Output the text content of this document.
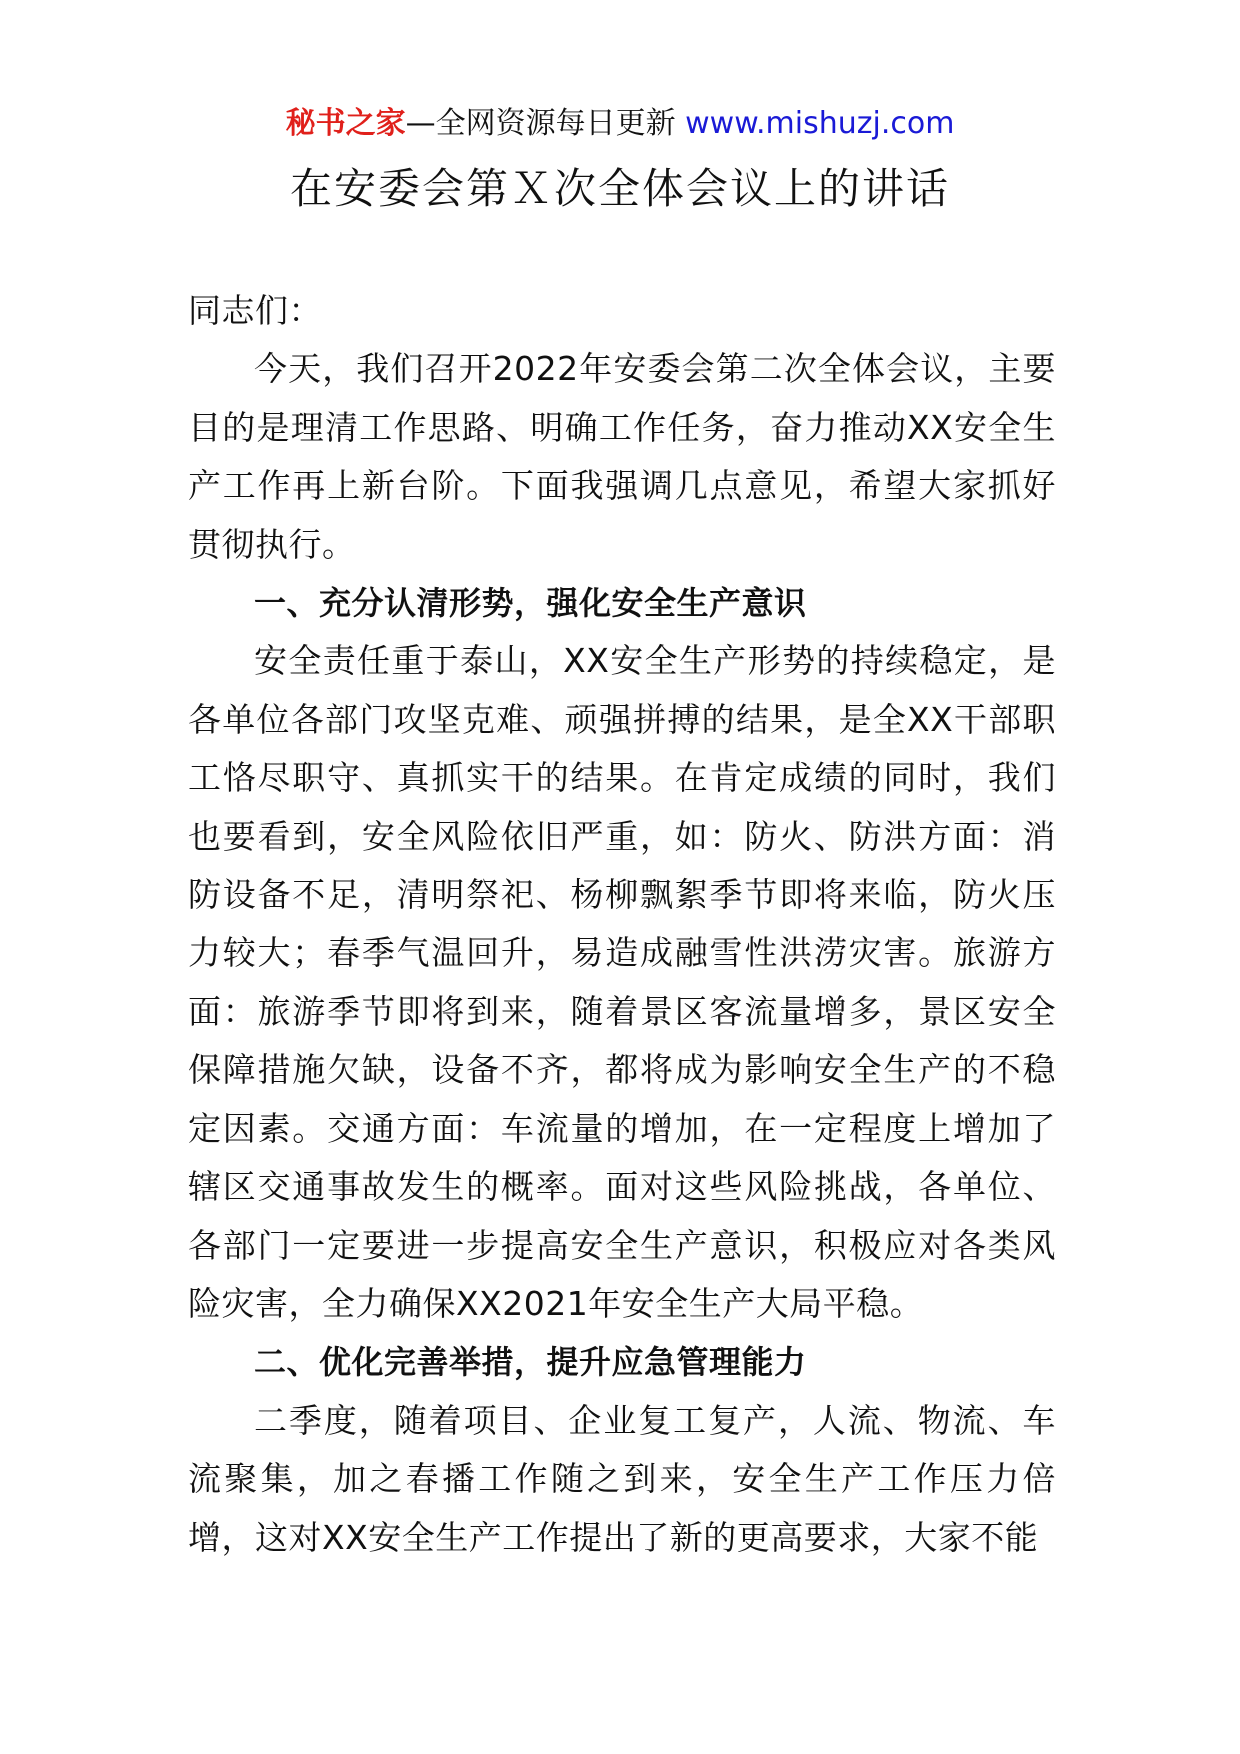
秘书之家—全网资源每日更新 www.mishuzj.com
在安委会第Ｘ次全体会议上的讲话

同志们：

今天，我们召开2022年安委会第二次全体会议，主要目的是理清工作思路、明确工作任务，奋力推动XX安全生产工作再上新台阶。下面我强调几点意见，希望大家抓好贯彻执行。

一、充分认清形势，强化安全生产意识

安全责任重于泰山，XX安全生产形势的持续稳定，是各单位各部门攻坚克难、顽强拼搏的结果，是全XX干部职工恪尽职守、真抓实干的结果。在肯定成绩的同时，我们也要看到，安全风险依旧严重，如：防火、防洪方面：消防设备不足，清明祭祀、杨柳飘絮季节即将来临，防火压力较大；春季气温回升，易造成融雪性洪涝灾害。旅游方面：旅游季节即将到来，随着景区客流量增多，景区安全保障措施欠缺，设备不齐，都将成为影响安全生产的不稳定因素。交通方面：车流量的增加，在一定程度上增加了辖区交通事故发生的概率。面对这些风险挑战，各单位、各部门一定要进一步提高安全生产意识，积极应对各类风险灾害，全力确保XX2021年安全生产大局平稳。

二、优化完善举措，提升应急管理能力

二季度，随着项目、企业复工复产，人流、物流、车流聚集，加之春播工作随之到来，安全生产工作压力倍增，这对XX安全生产工作提出了新的更高要求，大家不能
